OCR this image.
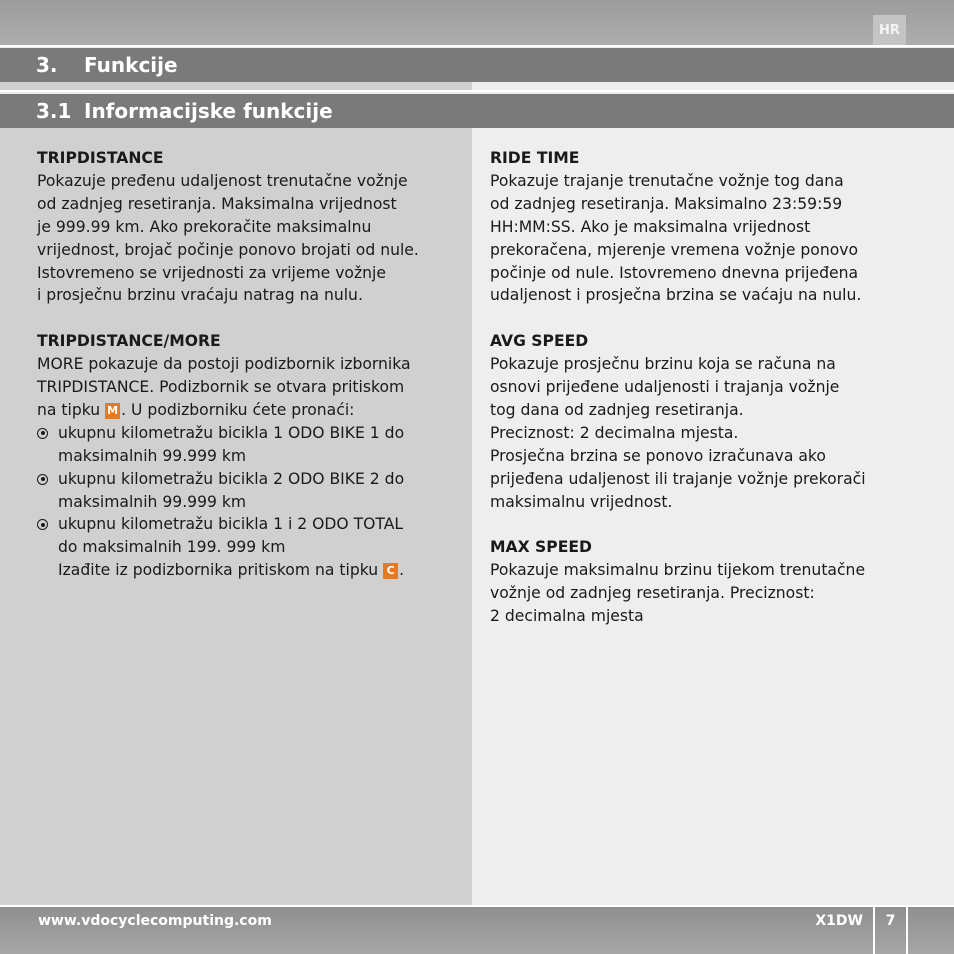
HR
3. Funkcije
3.1 Informacijske funkcije
TRIPDISTANCE
Pokazuje pređenu udaljenost trenutačne vožnje
od zadnjeg resetiranja. Maksimalna vrijednost
je 999.99 km. Ako prekoračite maksimalnu
vrijednost, brojač počinje ponovo brojati od nule.
Istovremeno se vrijednosti za vrijeme vožnje
i prosječnu brzinu vraćaju natrag na nulu.
TRIPDISTANCE/MORE
MORE pokazuje da postoji podizbornik izbornika
TRIPDISTANCE. Podizbornik se otvara pritiskom
na tipku M . U podizborniku ćete pronaći:
ukupnu kilometražu bicikla 1 ODO BIKE 1 do
maksimalnih 99.999 km
ukupnu kilometražu bicikla 2 ODO BIKE 2 do
maksimalnih 99.999 km
ukupnu kilometražu bicikla 1 i 2 ODO TOTAL
do maksimalnih 199. 999 km
Izađite iz podizbornika pritiskom na tipku C .
RIDE TIME
Pokazuje trajanje trenutačne vožnje tog dana
od zadnjeg resetiranja. Maksimalno 23:59:59
HH:MM:SS. Ako je maksimalna vrijednost
prekoračena, mjerenje vremena vožnje ponovo
počinje od nule. Istovremeno dnevna prijeđena
udaljenost i prosječna brzina se vaćaju na nulu.
AVG SPEED
Pokazuje prosječnu brzinu koja se računa na
osnovi prijeđene udaljenosti i trajanja vožnje
tog dana od zadnjeg resetiranja.
Preciznost: 2 decimalna mjesta.
Prosječna brzina se ponovo izračunava ako
prijeđena udaljenost ili trajanje vožnje prekorači
maksimalnu vrijednost.
MAX SPEED
Pokazuje maksimalnu brzinu tijekom trenutačne
vožnje od zadnjeg resetiranja. Preciznost:
2 decimalna mjesta
www.vdocyclecomputing.com	X1DW	7
